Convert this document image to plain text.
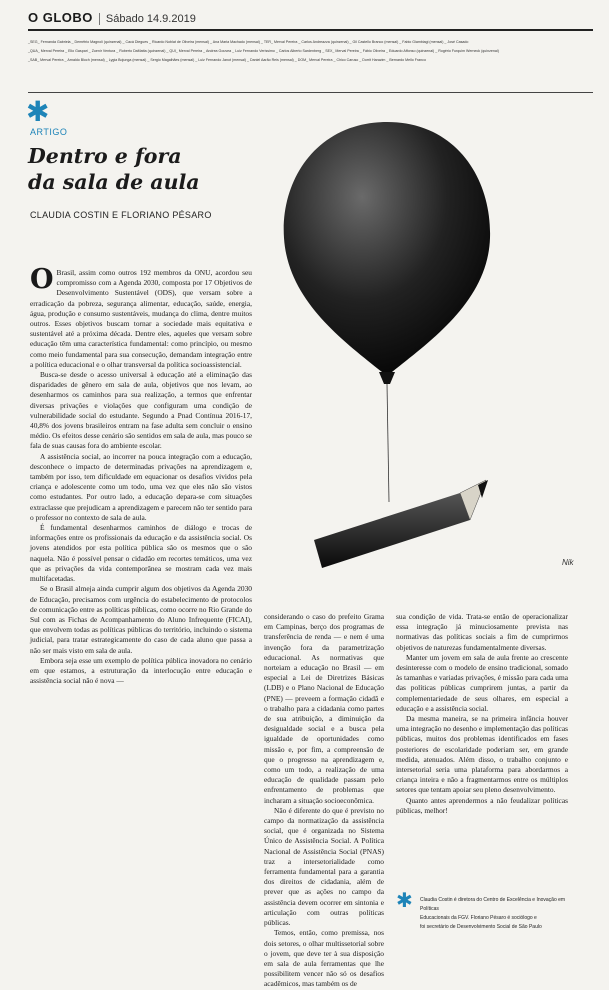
O GLOBO Sábado 14.9.2019
_SEG_ Fernanda Gabriela _ Demétrio Magnoli (quinzenal) _ Cacá Diegues _ Ricardo Noblat de Oliveira (mensal) _ Ana Maria Machado (mensal) _ TER_ Merval Pereira _ Carlos Andreazza (quinzenal) _ Gil Castello Branco (mensal) _ Fabio Giambiagi (mensal) _ José Casado
_QUA_ Merval Pereira _ Elio Gaspari _ Zuenir Ventura _ Roberto DaMatta (quinzenal) _ QUI_ Merval Pereira _ Andrea Gouvea _ Luiz Fernando Veríssimo _ Carlos Alberto Sardenberg _ SEX_ Merval Pereira _ Fábio Oliveira _ Eduardo Affonso (quinzenal) _ Rogério Furquim Werneck (quinzenal)
_SAB_ Merval Pereira _ Arnaldo Bloch (mensal) _ Lygia Bojunga (mensal) _ Sergio Magalhães (mensal) _ Luiz Fernando Janot (mensal) _ Daniel Aarão Reis (mensal) _ DOM_ Merval Pereira _ Chico Caruso _ Dorrit Harazim _ Bernardo Mello Franco
✱
ARTIGO
Dentro e fora
da sala de aula
CLAUDIA COSTIN E FLORIANO PÉSARO
Nik

O Brasil, assim como outros 192 membros da ONU, acordou seu compromisso com a Agenda 2030, composta por 17 Objetivos de Desenvolvimento Sustentável (ODS), que versam sobre a erradicação da pobreza, segurança alimentar, educação, saúde, energia, água, produção e consumo sustentáveis, mudança do clima, dentre muitos outros. Esses objetivos buscam tornar a sociedade mais equitativa e sustentável até a próxima década. Dentre eles, aqueles que versam sobre educação têm uma característica fundamental: como princípio, ou mesmo como meio fundamental para sua consecução, demandam integração entre a política educacional e o olhar transversal da política socioassistencial.

Busca-se desde o acesso universal à educação até a eliminação das disparidades de gênero em sala de aula, objetivos que nos levam, ao desenharmos os caminhos para sua realização, a termos que enfrentar diversas privações e violações que configuram uma condição de vulnerabilidade social do estudante. Segundo a Pnad Contínua 2016-17, 40,8% dos jovens brasileiros entram na fase adulta sem concluir o ensino médio. Os efeitos desse cenário são sentidos em sala de aula, mas pouco se fala de suas causas fora do ambiente escolar.

A assistência social, ao incorrer na pouca integração com a educação, desconhece o impacto de determinadas privações na aprendizagem e, também por isso, tem dificuldade em equacionar os desafios vividos pela criança e adolescente como um todo, uma vez que eles não são vistos como estudantes. Por outro lado, a educação depara-se com situações extraclasse que prejudicam a aprendizagem e parecem não ter sentido para o professor no contexto de sala de aula.

É fundamental desenharmos caminhos de diálogo e trocas de informações entre os profissionais da educação e da assistência social. Os jovens atendidos por esta política pública são os mesmos que o são naquela. Não é possível pensar o cidadão em recortes temáticos, uma vez que as privações da vida contemporânea se mostram cada vez mais multifacetadas.

Se o Brasil almeja ainda cumprir algum dos objetivos da Agenda 2030 de Educação, precisamos com urgência do estabelecimento de protocolos de comunicação entre as políticas públicas, como ocorre no Rio Grande do Sul com as Fichas de Acompanhamento do Aluno Infrequente (FICAI), que envolvem todas as políticas públicas do território, incluindo o sistema judicial, para tratar estrategicamente do caso de cada aluno que passa a não ser mais visto em sala de aula.

Embora seja esse um exemplo de política pública inovadora no cenário em que estamos, a estruturação da interlocução entre educação e assistência social não é nova —

considerando o caso do prefeito Grama em Campinas, berço dos programas de transferência de renda — e nem é uma invenção fora da parametrização educacional. As normativas que norteiam a educação no Brasil — em especial a Lei de Diretrizes Básicas (LDB) e o Plano Nacional de Educação (PNE) — preveem a formação cidadã e o trabalho para a cidadania como partes de sua atribuição, a diminuição da desigualdade social e a busca pela igualdade de oportunidades como missão e, por fim, a compreensão de que o progresso na aprendizagem e, como um todo, a realização de uma educação de qualidade passam pelo enfrentamento de problemas que incharam a situação socioeconômica.

Não é diferente do que é previsto no campo da normatização da assistência social, que é organizada no Sistema Único de Assistência Social. A Política Nacional de Assistência Social (PNAS) traz a intersetorialidade como ferramenta fundamental para a garantia dos direitos de cidadania, além de prever que as ações no campo da assistência devem ocorrer em sintonia e articulação com outras políticas públicas.

Temos, então, como premissa, nos dois setores, o olhar multissetorial sobre o jovem, que deve ter à sua disposição em sala de aula ferramentas que lhe possibilitem vencer não só os desafios acadêmicos, mas também os de

sua condição de vida. Trata-se então de operacionalizar essa integração já minuciosamente prevista nas normativas das políticas sociais a fim de cumprirmos objetivos de naturezas fundamentalmente diversas.

Manter um jovem em sala de aula frente ao crescente desinteresse com o modelo de ensino tradicional, somado às tamanhas e variadas privações, é missão para cada uma das políticas públicas cumprirem juntas, a partir da complementariedade de seus olhares, em especial a educação e a assistência social.

Da mesma maneira, se na primeira infância houver uma integração no desenho e implementação das políticas públicas, muitos dos problemas identificados em fases posteriores de escolaridade poderiam ser, em grande medida, atenuados. Além disso, o trabalho conjunto e intersetorial seria uma plataforma para abordarmos a criança inteira e não a fragmentarmos entre os múltiplos setores que tentam apoiar seu pleno desenvolvimento.

Quanto antes aprendermos a não feudalizar políticas públicas, melhor!

✱ Claudia Costin é diretora do Centro de Excelência e Inovação em Políticas
Educacionais da FGV. Floriano Pésaro é sociólogo e
foi secretário de Desenvolvimento Social de São Paulo
